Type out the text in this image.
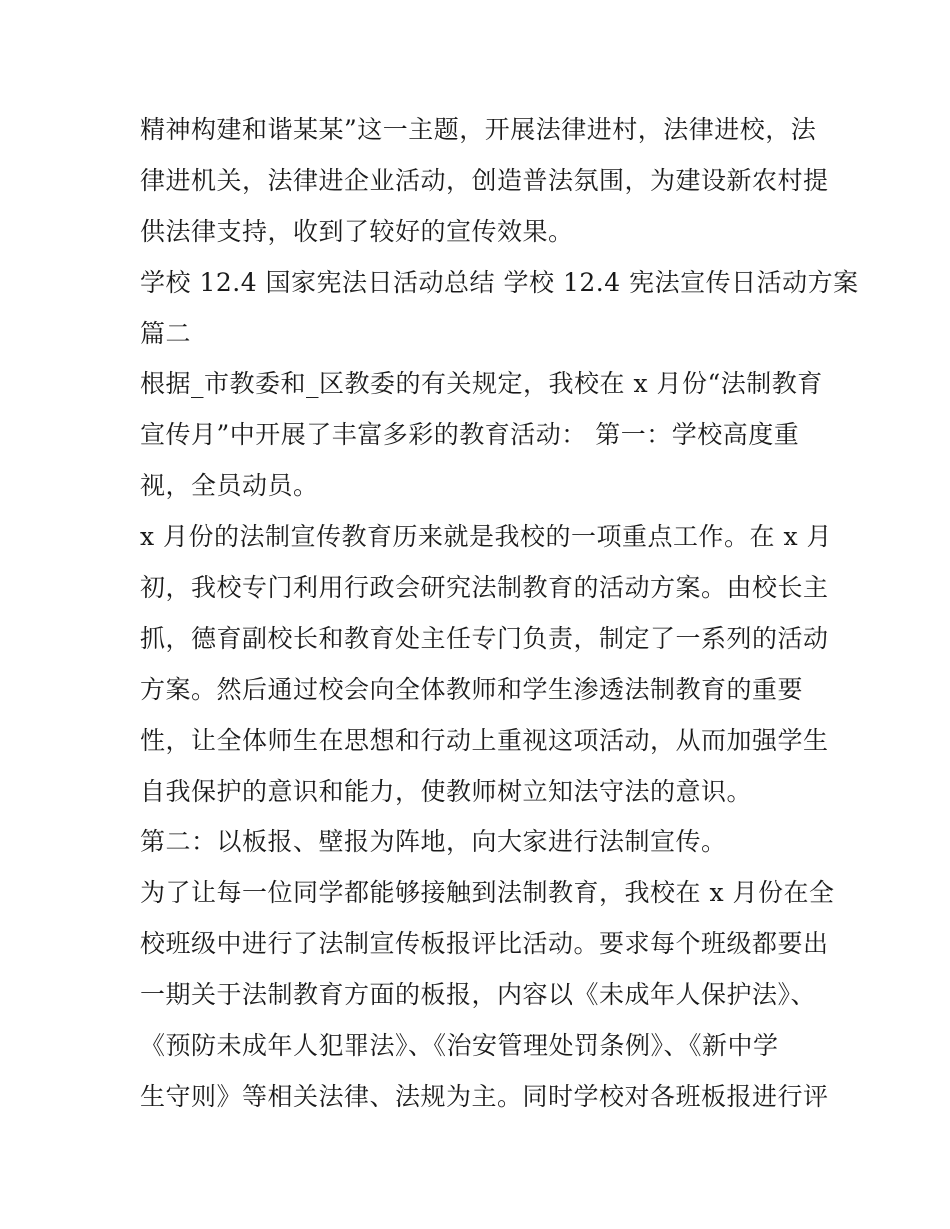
精神构建和谐某某”这一主题，开展法律进村，法律进校，法
律进机关，法律进企业活动，创造普法氛围，为建设新农村提
供法律支持，收到了较好的宣传效果。
学校 12.4 国家宪法日活动总结 学校 12.4 宪法宣传日活动方案
篇二
根据_市教委和_区教委的有关规定，我校在 x 月份“法制教育
宣传月”中开展了丰富多彩的教育活动： 第一：学校高度重
视，全员动员。
x 月份的法制宣传教育历来就是我校的一项重点工作。在 x 月
初，我校专门利用行政会研究法制教育的活动方案。由校长主
抓，德育副校长和教育处主任专门负责，制定了一系列的活动
方案。然后通过校会向全体教师和学生渗透法制教育的重要
性，让全体师生在思想和行动上重视这项活动，从而加强学生
自我保护的意识和能力，使教师树立知法守法的意识。
第二：以板报、壁报为阵地，向大家进行法制宣传。
为了让每一位同学都能够接触到法制教育，我校在 x 月份在全
校班级中进行了法制宣传板报评比活动。要求每个班级都要出
一期关于法制教育方面的板报，内容以《未成年人保护法》、
《预防未成年人犯罪法》、《治安管理处罚条例》、《新中学
生守则》等相关法律、法规为主。同时学校对各班板报进行评
